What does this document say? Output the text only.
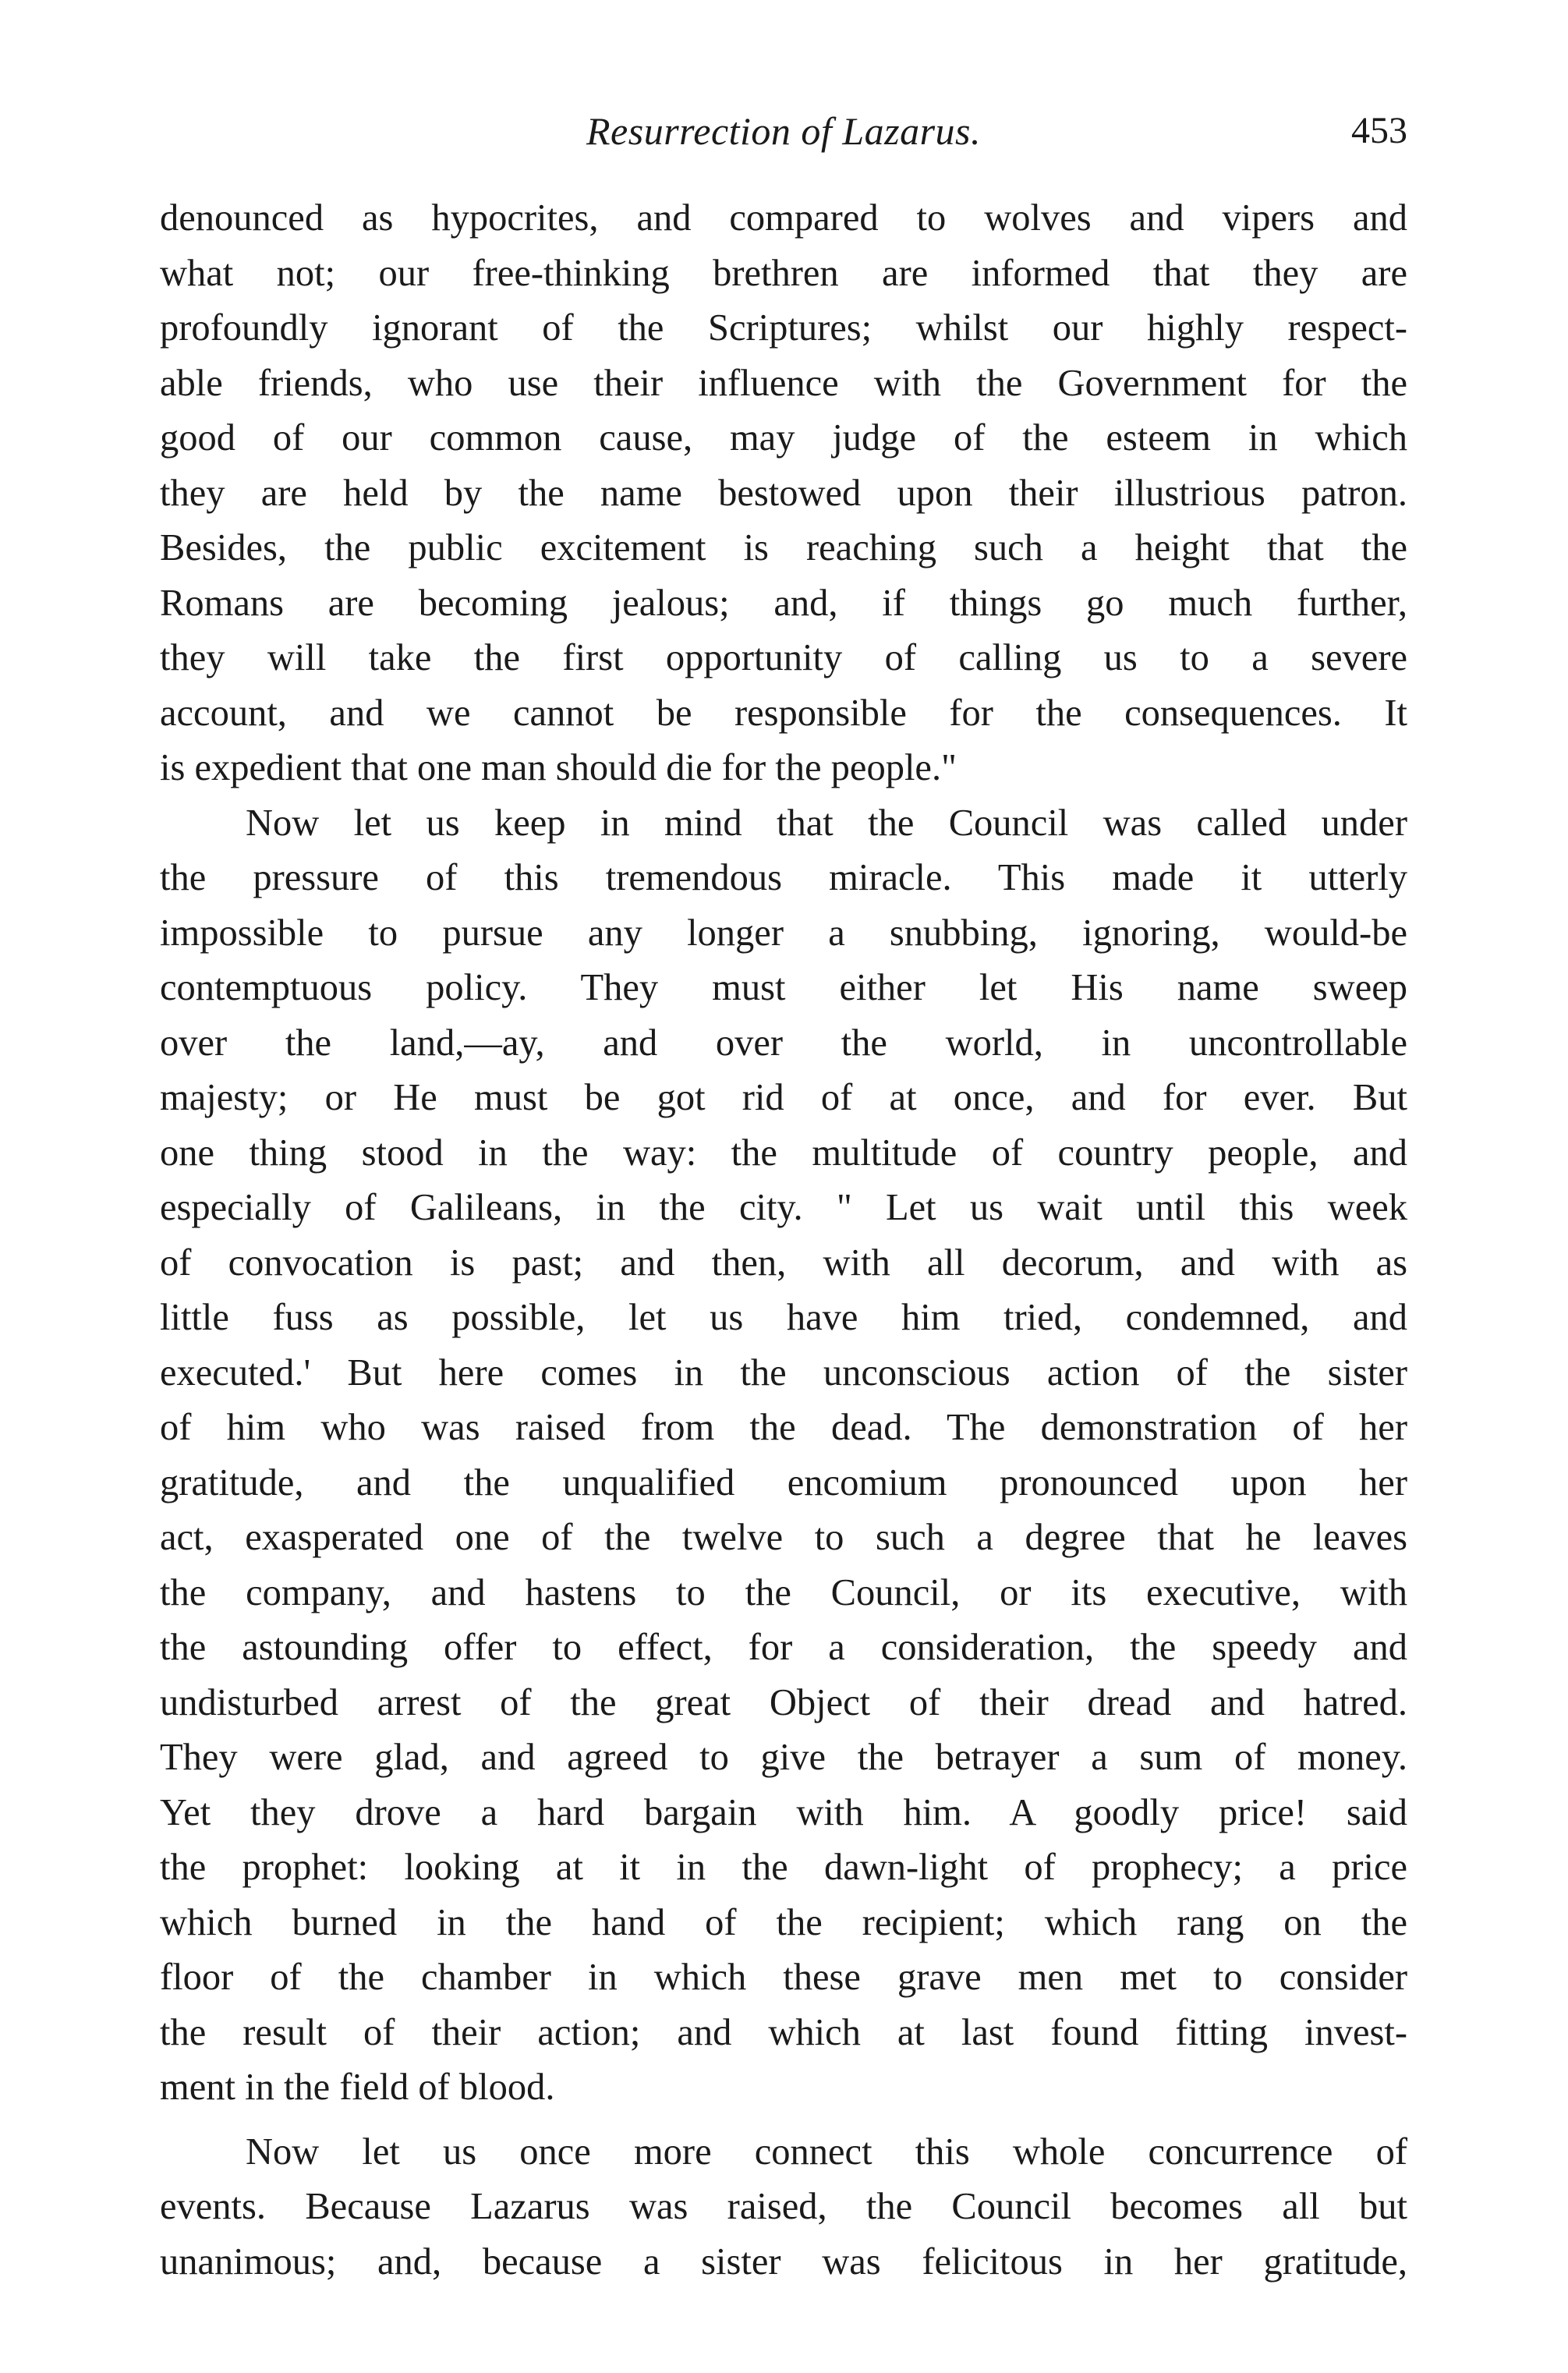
Resurrection of Lazarus.	453
denounced as hypocrites, and compared to wolves and vipers and
what not; our free-thinking brethren are informed that they are
profoundly ignorant of the Scriptures; whilst our highly respect-
able friends, who use their influence with the Government for the
good of our common cause, may judge of the esteem in which
they are held by the name bestowed upon their illustrious patron.
Besides, the public excitement is reaching such a height that the
Romans are becoming jealous; and, if things go much further,
they will take the first opportunity of calling us to a severe
account, and we cannot be responsible for the consequences. It
is expedient that one man should die for the people."
Now let us keep in mind that the Council was called under
the pressure of this tremendous miracle. This made it utterly
impossible to pursue any longer a snubbing, ignoring, would-be
contemptuous policy. They must either let His name sweep
over the land,—ay, and over the world, in uncontrollable
majesty; or He must be got rid of at once, and for ever. But
one thing stood in the way: the multitude of country people, and
especially of Galileans, in the city. " Let us wait until this week
of convocation is past; and then, with all decorum, and with as
little fuss as possible, let us have him tried, condemned, and
executed.' But here comes in the unconscious action of the sister
of him who was raised from the dead. The demonstration of her
gratitude, and the unqualified encomium pronounced upon her
act, exasperated one of the twelve to such a degree that he leaves
the company, and hastens to the Council, or its executive, with
the astounding offer to effect, for a consideration, the speedy and
undisturbed arrest of the great Object of their dread and hatred.
They were glad, and agreed to give the betrayer a sum of money.
Yet they drove a hard bargain with him. A goodly price! said
the prophet: looking at it in the dawn-light of prophecy; a price
which burned in the hand of the recipient; which rang on the
floor of the chamber in which these grave men met to consider
the result of their action; and which at last found fitting invest-
ment in the field of blood.
Now let us once more connect this whole concurrence of
events. Because Lazarus was raised, the Council becomes all but
unanimous; and, because a sister was felicitous in her gratitude,
